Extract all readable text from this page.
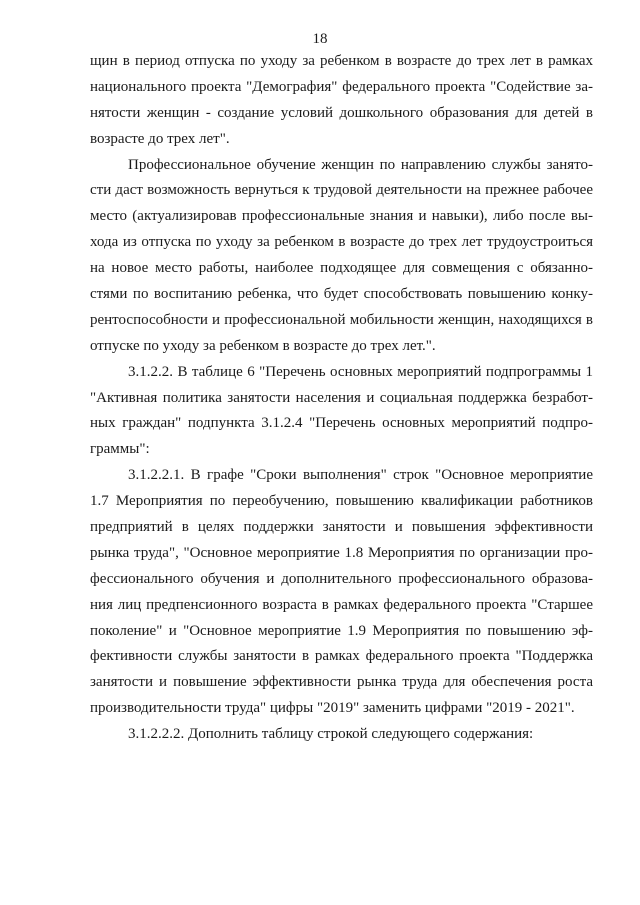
18
щин в период отпуска по уходу за ребенком в возрасте до трех лет в рамках
национального проекта "Демография" федерального проекта "Содействие за-
нятости женщин - создание условий дошкольного образования для детей в
возрасте до трех лет".
Профессиональное обучение женщин по направлению службы занято-
сти даст возможность вернуться к трудовой деятельности на прежнее рабочее
место (актуализировав профессиональные знания и навыки), либо после вы-
хода из отпуска по уходу за ребенком в возрасте до трех лет трудоустроиться
на новое место работы, наиболее подходящее для совмещения с обязанно-
стями по воспитанию ребенка, что будет способствовать повышению конку-
рентоспособности и профессиональной мобильности женщин, находящихся в
отпуске по уходу за ребенком в возрасте до трех лет.".
3.1.2.2. В таблице 6 "Перечень основных мероприятий подпрограммы 1
"Активная политика занятости населения и социальная поддержка безработ-
ных граждан" подпункта 3.1.2.4 "Перечень основных мероприятий подпро-
граммы":
3.1.2.2.1. В графе "Сроки выполнения" строк "Основное мероприятие
1.7 Мероприятия по переобучению, повышению квалификации работников
предприятий в целях поддержки занятости и повышения эффективности
рынка труда", "Основное мероприятие 1.8 Мероприятия по организации про-
фессионального обучения и дополнительного профессионального образова-
ния лиц предпенсионного возраста в рамках федерального проекта "Старшее
поколение" и "Основное мероприятие 1.9 Мероприятия по повышению эф-
фективности службы занятости в рамках федерального проекта "Поддержка
занятости и повышение эффективности рынка труда для обеспечения роста
производительности труда" цифры "2019" заменить цифрами "2019 - 2021".
3.1.2.2.2. Дополнить таблицу строкой следующего содержания:
